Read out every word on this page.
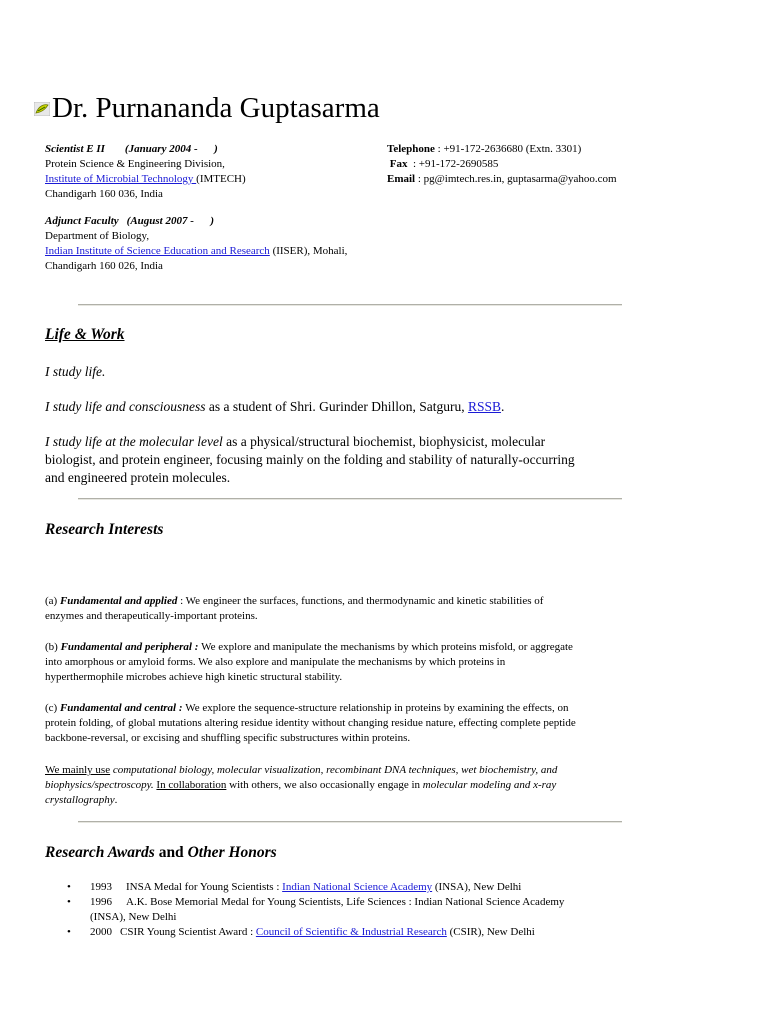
Dr. Purnananda Guptasarma
Scientist E II (January 2004 -      )
Protein Science & Engineering Division,
Institute of Microbial Technology (IMTECH)
Chandigarh 160 036, India
Telephone : +91-172-2636680 (Extn. 3301)
Fax  : +91-172-2690585
Email : pg@imtech.res.in, guptasarma@yahoo.com
Adjunct Faculty (August 2007 -      )
Department of Biology,
Indian Institute of Science Education and Research (IISER), Mohali,
Chandigarh 160 026, India
Life & Work
I study life.
I study life and consciousness as a student of Shri. Gurinder Dhillon, Satguru, RSSB.
I study life at the molecular level as a physical/structural biochemist, biophysicist, molecular
biologist, and protein engineer, focusing mainly on the folding and stability of naturally-occurring
and engineered protein molecules.
Research Interests
(a) Fundamental and applied : We engineer the surfaces, functions, and thermodynamic and kinetic stabilities of
enzymes and therapeutically-important proteins.
(b) Fundamental and peripheral : We explore and manipulate the mechanisms by which proteins misfold, or aggregate
into amorphous or amyloid forms. We also explore and manipulate the mechanisms by which proteins in
hyperthermophile microbes achieve high kinetic structural stability.
(c) Fundamental and central : We explore the sequence-structure relationship in proteins by examining the effects, on
protein folding, of global mutations altering residue identity without changing residue nature, effecting complete peptide
backbone-reversal, or excising and shuffling specific substructures within proteins.
We mainly use computational biology, molecular visualization, recombinant DNA techniques, wet biochemistry, and
biophysics/spectroscopy. In collaboration with others, we also occasionally engage in molecular modeling and x-ray
crystallography.
Research Awards and Other Honors
• 1993 INSA Medal for Young Scientists : Indian National Science Academy (INSA), New Delhi
• 1996 A.K. Bose Memorial Medal for Young Scientists, Life Sciences : Indian National Science Academy
(INSA), New Delhi
• 2000 CSIR Young Scientist Award : Council of Scientific & Industrial Research (CSIR), New Delhi
